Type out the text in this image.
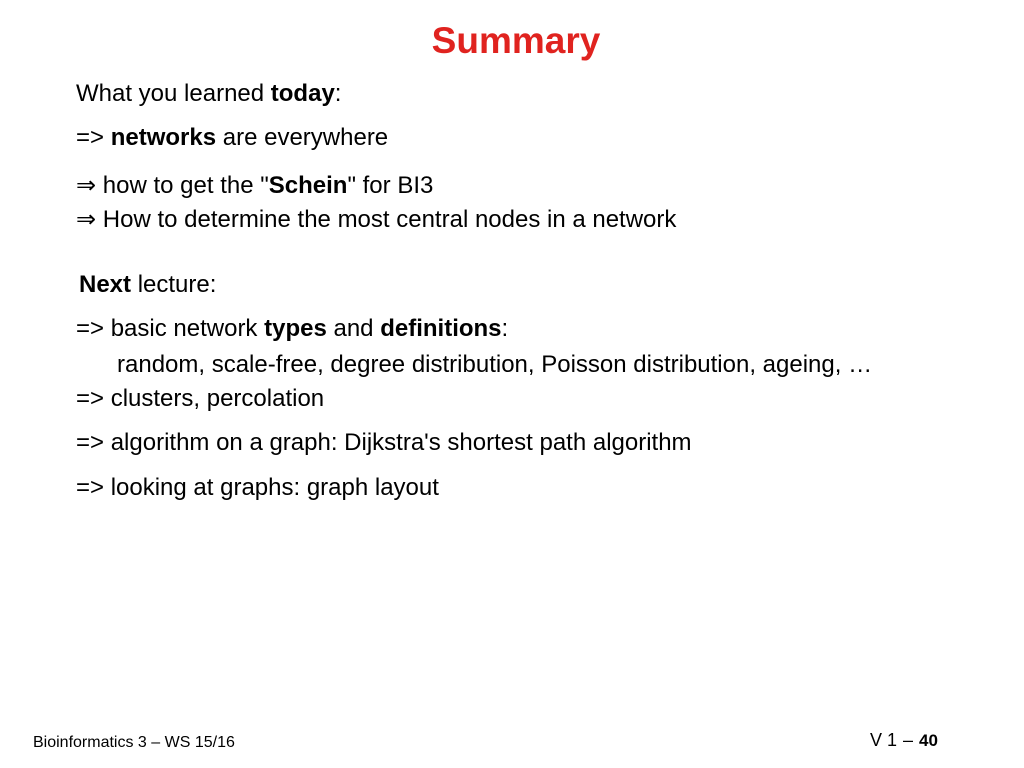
Summary
What you learned today:
=> networks are everywhere
⇒ how to get the "Schein" for BI3
⇒ How to determine the most central nodes in a network
Next lecture:
=> basic network types and definitions:
random, scale-free, degree distribution, Poisson distribution, ageing, …
=> clusters, percolation
=> algorithm on a graph: Dijkstra's shortest path algorithm
=> looking at graphs: graph layout
Bioinformatics 3 – WS 15/16	V 1 – 40
